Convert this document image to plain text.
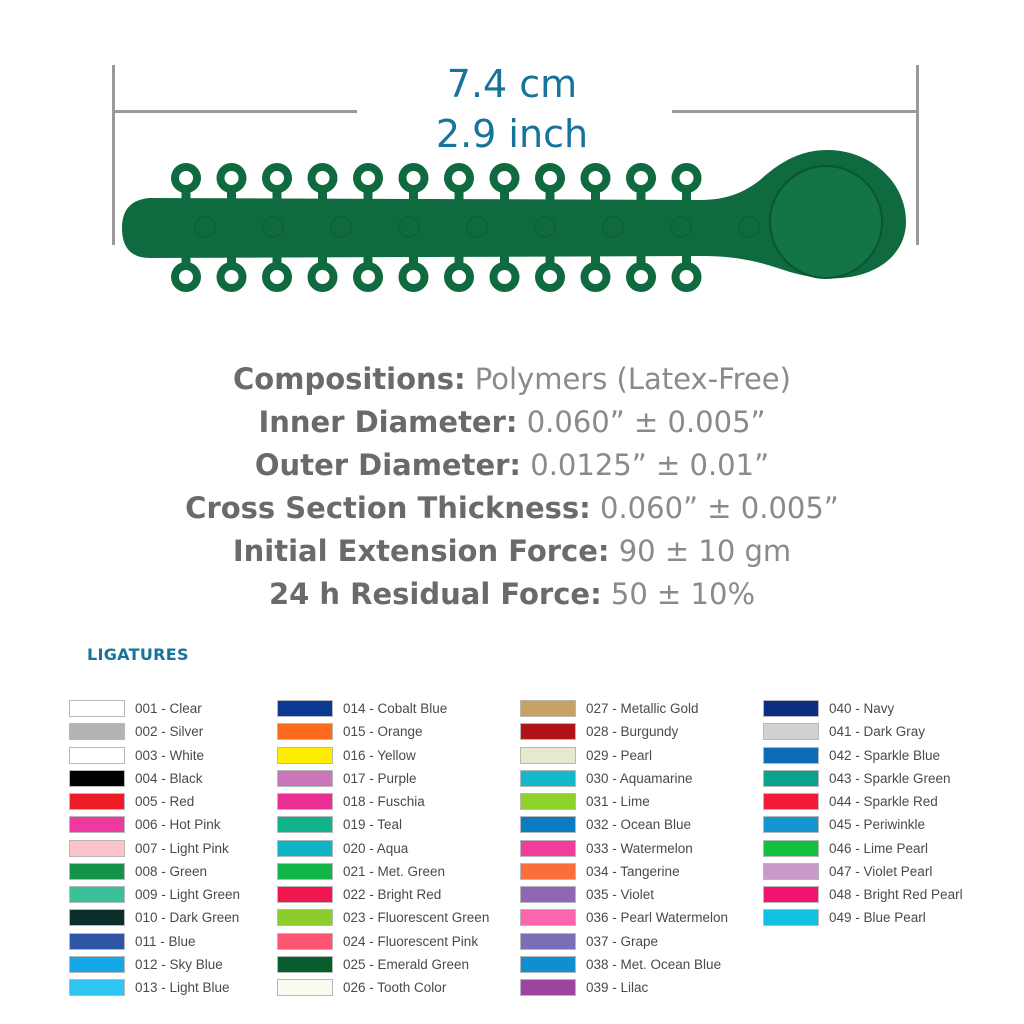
7.4 cm
2.9 inch
Compositions: Polymers (Latex-Free)
Inner Diameter: 0.060” ± 0.005”
Outer Diameter: 0.0125” ± 0.01”
Cross Section Thickness: 0.060” ± 0.005”
Initial Extension Force: 90 ± 10 gm
24 h Residual Force: 50 ± 10%
LIGATURES
001 - Clear
002 - Silver
003 - White
004 - Black
005 - Red
006 - Hot Pink
007 - Light Pink
008 - Green
009 - Light Green
010 - Dark Green
011 - Blue
012 - Sky Blue
013 - Light Blue
014 - Cobalt Blue
015 - Orange
016 - Yellow
017 - Purple
018 - Fuschia
019 - Teal
020 - Aqua
021 - Met. Green
022 - Bright Red
023 - Fluorescent Green
024 - Fluorescent Pink
025 - Emerald Green
026 - Tooth Color
027 - Metallic Gold
028 - Burgundy
029 - Pearl
030 - Aquamarine
031 - Lime
032 - Ocean Blue
033 - Watermelon
034 - Tangerine
035 - Violet
036 - Pearl Watermelon
037 - Grape
038 - Met. Ocean Blue
039 - Lilac
040 - Navy
041 - Dark Gray
042 - Sparkle Blue
043 - Sparkle Green
044 - Sparkle Red
045 - Periwinkle
046 - Lime Pearl
047 - Violet Pearl
048 - Bright Red Pearl
049 - Blue Pearl
